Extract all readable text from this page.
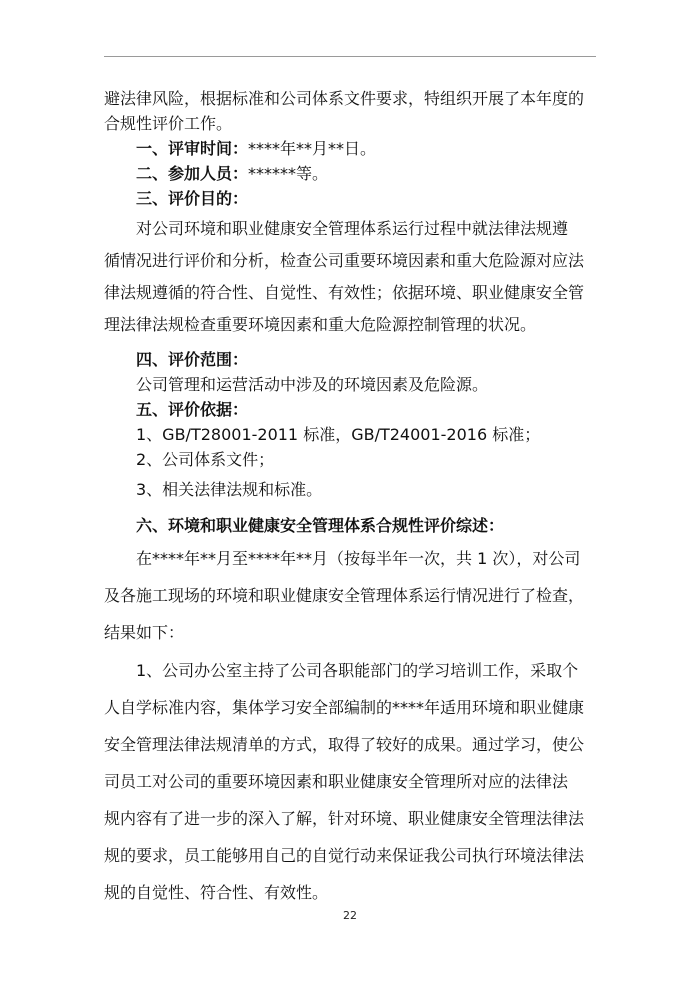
避法律风险，根据标准和公司体系文件要求，特组织开展了本年度的
合规性评价工作。
一、评审时间：****年**月**日。
二、参加人员：******等。
三、评价目的：
对公司环境和职业健康安全管理体系运行过程中就法律法规遵
循情况进行评价和分析，检查公司重要环境因素和重大危险源对应法
律法规遵循的符合性、自觉性、有效性；依据环境、职业健康安全管
理法律法规检查重要环境因素和重大危险源控制管理的状况。
四、评价范围：
公司管理和运营活动中涉及的环境因素及危险源。
五、评价依据：
1、GB/T28001-2011 标准，GB/T24001-2016 标准；
2、公司体系文件；
3、相关法律法规和标准。
六、环境和职业健康安全管理体系合规性评价综述：
在****年**月至****年**月（按每半年一次，共 1 次），对公司
及各施工现场的环境和职业健康安全管理体系运行情况进行了检查，
结果如下：
1、公司办公室主持了公司各职能部门的学习培训工作，采取个
人自学标准内容，集体学习安全部编制的****年适用环境和职业健康
安全管理法律法规清单的方式，取得了较好的成果。通过学习，使公
司员工对公司的重要环境因素和职业健康安全管理所对应的法律法
规内容有了进一步的深入了解，针对环境、职业健康安全管理法律法
规的要求，员工能够用自己的自觉行动来保证我公司执行环境法律法
规的自觉性、符合性、有效性。
22
